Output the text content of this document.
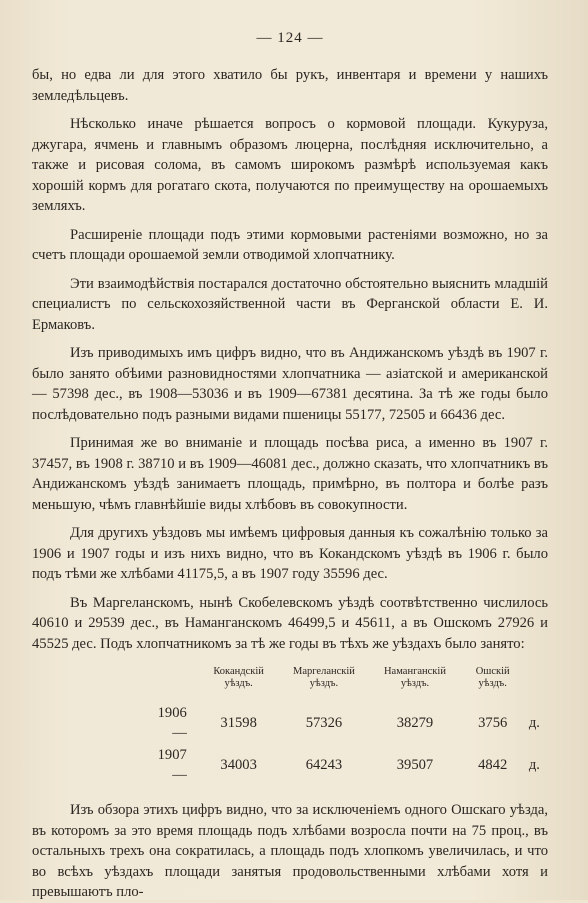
— 124 —

бы, но едва ли для этого хватило бы рукъ, инвентаря и времени у нашихъ земледѣльцевъ.

Нѣсколько иначе рѣшается вопросъ о кормовой площади. Кукуруза, джугара, ячмень и главнымъ образомъ люцерна, послѣдняя исключительно, а также и рисовая солома, въ самомъ широкомъ размѣрѣ используемая какъ хорошій кормъ для рогатаго скота, получаются по преимуществу на орошаемыхъ земляхъ.

Расширеніе площади подъ этими кормовыми растеніями возможно, но за счетъ площади орошаемой земли отводимой хлопчатнику.

Эти взаимодѣйствія постарался достаточно обстоятельно выяснить младшій специалистъ по сельскохозяйственной части въ Ферганской области Е. И. Ермаковъ.

Изъ приводимыхъ имъ цифръ видно, что въ Андижанскомъ уѣздѣ въ 1907 г. было занято обѣими разновидностями хлопчатника — азіатской и американской — 57398 дес., въ 1908—53036 и въ 1909—67381 десятина. За тѣ же годы было послѣдовательно подъ разными видами пшеницы 55177, 72505 и 66436 дес.

Принимая же во вниманіе и площадь посѣва риса, а именно въ 1907 г. 37457, въ 1908 г. 38710 и въ 1909—46081 дес., должно сказать, что хлопчатникъ въ Андижанскомъ уѣздѣ занимаетъ площадь, примѣрно, въ полтора и болѣе разъ меньшую, чѣмъ главнѣйшіе виды хлѣбовъ въ совокупности.

Для другихъ уѣздовъ мы имѣемъ цифровыя данныя къ сожалѣнію только за 1906 и 1907 годы и изъ нихъ видно, что въ Кокандскомъ уѣздѣ въ 1906 г. было подъ тѣми же хлѣбами 41175,5, а въ 1907 году 35596 дес.

Въ Маргеланскомъ, нынѣ Скобелевскомъ уѣздѣ соотвѣтственно числилось 40610 и 29539 дес., въ Наманганскомъ 46499,5 и 45611, а въ Ошскомъ 27926 и 45525 дес. Подъ хлопчатникомъ за тѣ же годы въ тѣхъ же уѣздахъ было занято:

	Кокандскій уѣздъ.	Маргеланскій уѣздъ.	Наманганскій уѣздъ.	Ошскій уѣздъ.	
1906 —	31598	57326	38279	3756	д.
1907 —	34003	64243	39507	4842	д.

Изъ обзора этихъ цифръ видно, что за исключеніемъ одного Ошскаго уѣзда, въ которомъ за это время площадь подъ хлѣбами возросла почти на 75 проц., въ остальныхъ трехъ она сократилась, а площадь подъ хлопкомъ увеличилась, и что во всѣхъ уѣздахъ площади занятыя продовольственными хлѣбами хотя и превышаютъ пло-
